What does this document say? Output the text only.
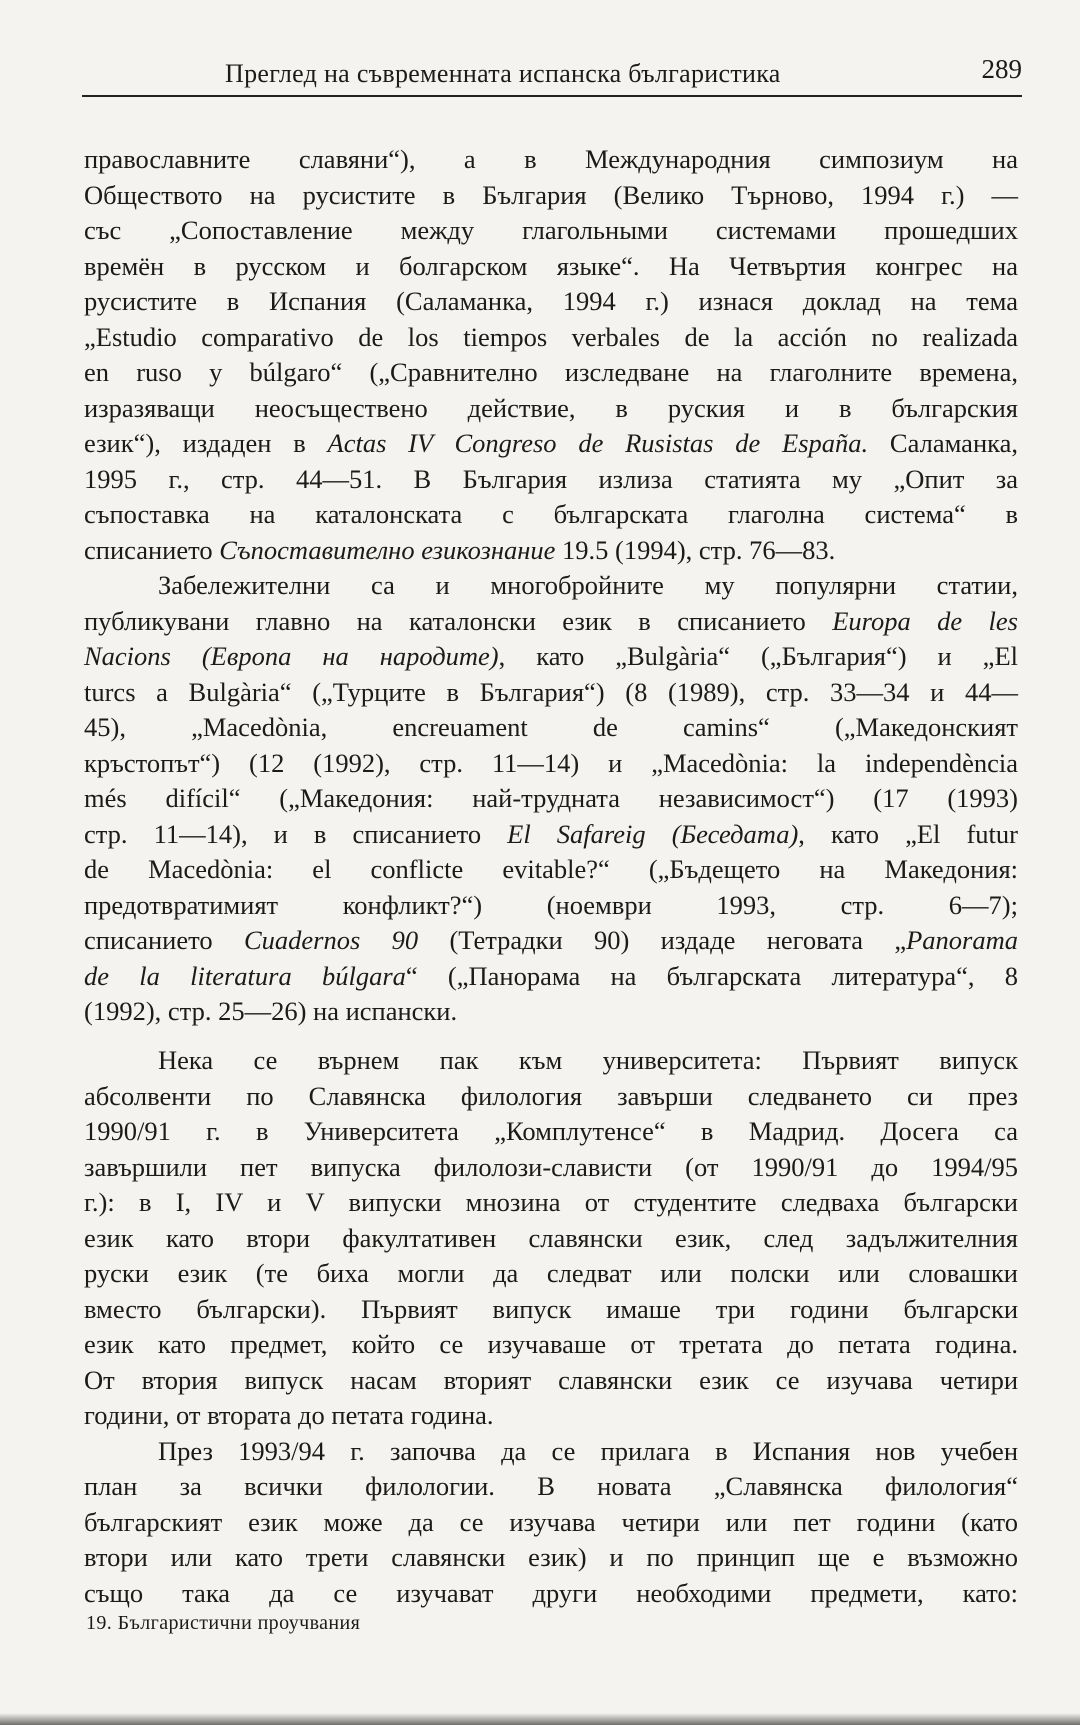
Преглед на съвременната испанска българистика	289
православните славяни“), а в Международния симпозиум на
Обществото на русистите в България (Велико Търново, 1994 г.) —
със „Сопоставление между глагольными системами прошедших
времён в русском и болгарском языке“. На Четвъртия конгрес на
русистите в Испания (Саламанка, 1994 г.) изнася доклад на тема
„Estudio comparativo de los tiempos verbales de la acción no realizada
en ruso y búlgaro“ („Сравнително изследване на глаголните времена,
изразяващи неосъществено действие, в руския и в българския
език“), издаден в Actas IV Congreso de Rusistas de España. Саламанка,
1995 г., стр. 44—51. В България излиза статията му „Опит за
съпоставка на каталонската с българската глаголна система“ в
списанието Съпоставително езикознание 19.5 (1994), стр. 76—83.
Забележителни са и многобройните му популярни статии,
публикувани главно на каталонски език в списанието Europa de les
Nacions (Европа на народите), като „Bulgària“ („България“) и „El
turcs a Bulgària“ („Турците в България“) (8 (1989), стр. 33—34 и 44—
45), „Macedònia, encreuament de camins“ („Македонският
кръстопът“) (12 (1992), стр. 11—14) и „Macedònia: la independència
més difícil“ („Македония: най-трудната независимост“) (17 (1993)
стр. 11—14), и в списанието El Safareig (Беседата), като „El futur
de Macedònia: el conflicte evitable?“ („Бъдещето на Македония:
предотвратимият конфликт?“) (ноември 1993, стр. 6—7);
списанието Cuadernos 90 (Тетрадки 90) издаде неговата „Panorama
de la literatura búlgara“ („Панорама на българската литература“, 8
(1992), стр. 25—26) на испански.
Нека се върнем пак към университета: Първият випуск
абсолвенти по Славянска филология завърши следването си през
1990/91 г. в Университета „Комплутенсе“ в Мадрид. Досега са
завършили пет випуска филолози-слависти (от 1990/91 до 1994/95
г.): в I, IV и V випуски мнозина от студентите следваха български
език като втори факултативен славянски език, след задължителния
руски език (те биха могли да следват или полски или словашки
вместо български). Първият випуск имаше три години български
език като предмет, който се изучаваше от третата до петата година.
От втория випуск насам вторият славянски език се изучава четири
години, от втората до петата година.
През 1993/94 г. започва да се прилага в Испания нов учебен
план за всички филологии. В новата „Славянска филология“
българският език може да се изучава четири или пет години (като
втори или като трети славянски език) и по принцип ще е възможно
също така да се изучават други необходими предмети, като:
19. Българистични проучвания
